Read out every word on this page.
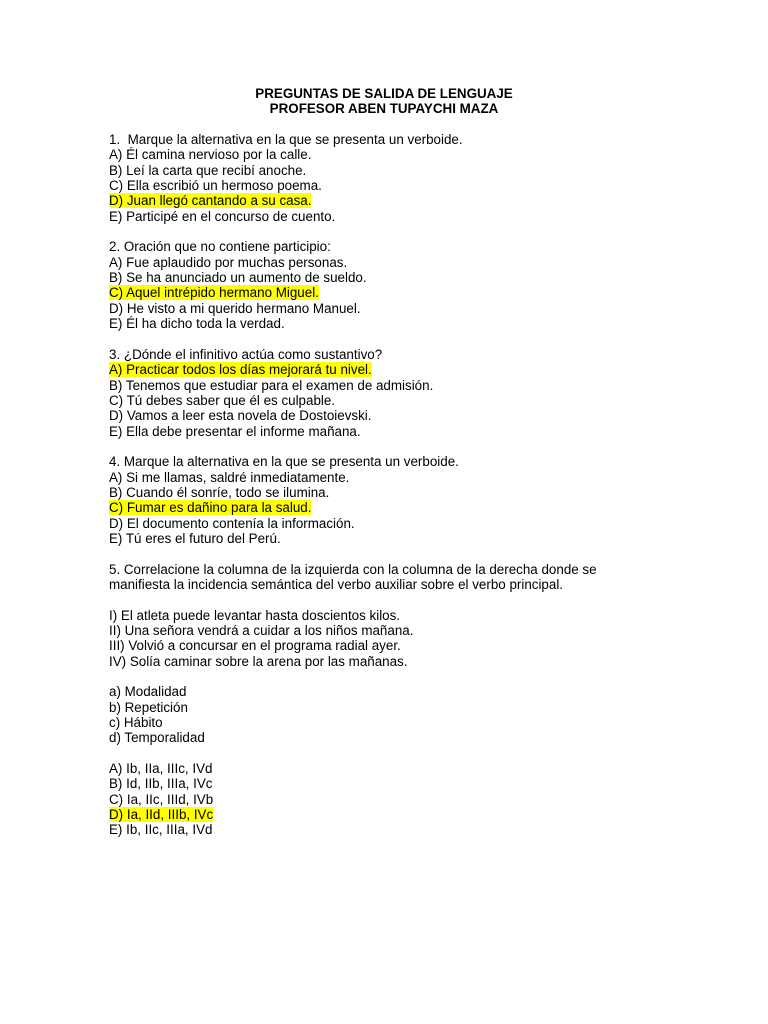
PREGUNTAS DE SALIDA DE LENGUAJE
PROFESOR ABEN TUPAYCHI MAZA
1.  Marque la alternativa en la que se presenta un verboide.
A) Él camina nervioso por la calle.
B) Leí la carta que recibí anoche.
C) Ella escribió un hermoso poema.
D) Juan llegó cantando a su casa.
E) Participé en el concurso de cuento.
2. Oración que no contiene participio:
A) Fue aplaudido por muchas personas.
B) Se ha anunciado un aumento de sueldo.
C) Aquel intrépido hermano Miguel.
D) He visto a mi querido hermano Manuel.
E) Él ha dicho toda la verdad.
3. ¿Dónde el infinitivo actúa como sustantivo?
A) Practicar todos los días mejorará tu nivel.
B) Tenemos que estudiar para el examen de admisión.
C) Tú debes saber que él es culpable.
D) Vamos a leer esta novela de Dostoievski.
E) Ella debe presentar el informe mañana.
4. Marque la alternativa en la que se presenta un verboide.
A) Si me llamas, saldré inmediatamente.
B) Cuando él sonríe, todo se ilumina.
C) Fumar es dañino para la salud.
D) El documento contenía la información.
E) Tú eres el futuro del Perú.
5. Correlacione la columna de la izquierda con la columna de la derecha donde se
manifiesta la incidencia semántica del verbo auxiliar sobre el verbo principal.
I) El atleta puede levantar hasta doscientos kilos.
II) Una señora vendrá a cuidar a los niños mañana.
III) Volvió a concursar en el programa radial ayer.
IV) Solía caminar sobre la arena por las mañanas.
a) Modalidad
b) Repetición
c) Hábito
d) Temporalidad
A) Ib, IIa, IIIc, IVd
B) Id, IIb, IIIa, IVc
C) Ia, IIc, IIId, IVb
D) Ia, IId, IIIb, IVc
E) Ib, IIc, IIIa, IVd
